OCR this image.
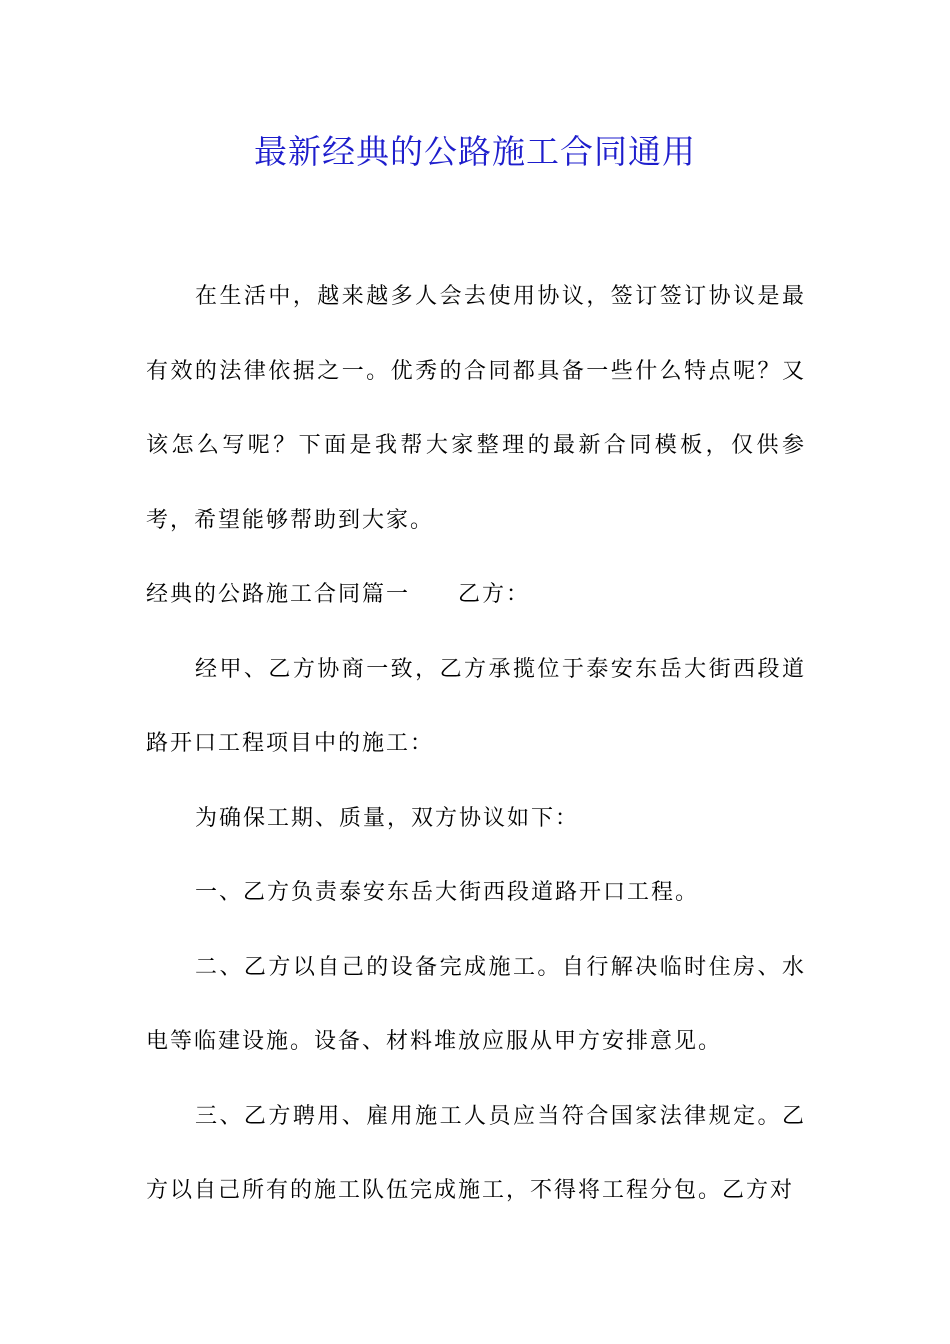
最新经典的公路施工合同通用

在生活中，越来越多人会去使用协议，签订签订协议是最有效的法律依据之一。优秀的合同都具备一些什么特点呢？又该怎么写呢？下面是我帮大家整理的最新合同模板，仅供参考，希望能够帮助到大家。

经典的公路施工合同篇一　　乙方：

经甲、乙方协商一致，乙方承揽位于泰安东岳大街西段道路开口工程项目中的施工：

为确保工期、质量，双方协议如下：

一、乙方负责泰安东岳大街西段道路开口工程。

二、乙方以自己的设备完成施工。自行解决临时住房、水电等临建设施。设备、材料堆放应服从甲方安排意见。

三、乙方聘用、雇用施工人员应当符合国家法律规定。乙方以自己所有的施工队伍完成施工，不得将工程分包。乙方对
